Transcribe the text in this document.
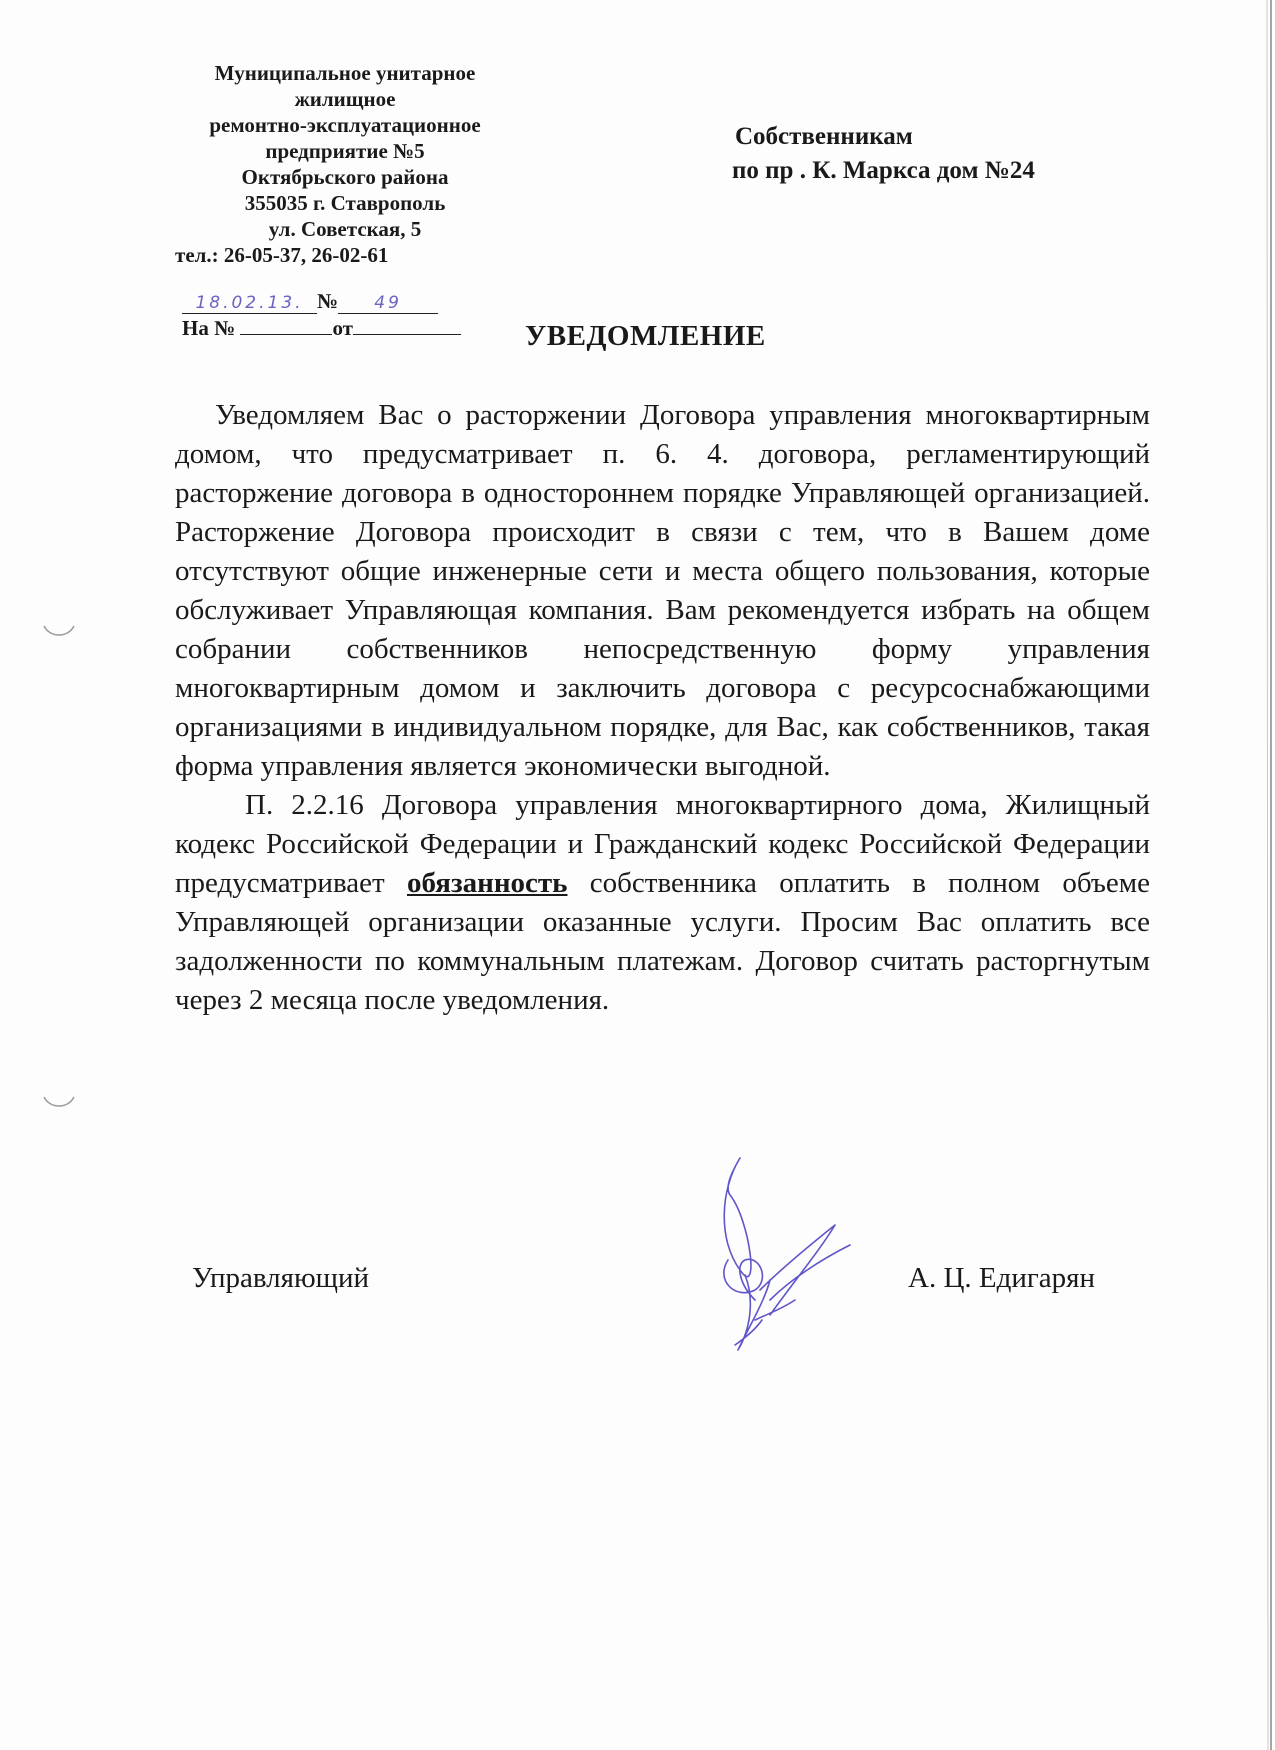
Муниципальное унитарное
жилищное
ремонтно-эксплуатационное
предприятие №5
Октябрьского района
355035 г. Ставрополь
ул. Советская, 5
тел.: 26-05-37, 26-02-61
18.02.13. № 49
На №	от
Собственникам
по пр . К. Маркса дом №24
УВЕДОМЛЕНИЕ

Уведомляем Вас о расторжении Договора управления многоквартирным домом, что предусматривает п. 6. 4. договора, регламентирующий расторжение договора в одностороннем порядке Управляющей организацией. Расторжение Договора происходит в связи с тем, что в Вашем доме отсутствуют общие инженерные сети и места общего пользования, которые обслуживает Управляющая компания. Вам рекомендуется избрать на общем собрании собственников непосредственную форму управления многоквартирным домом и заключить договора с ресурсоснабжающими организациями в индивидуальном порядке, для Вас, как собственников, такая форма управления является экономически выгодной.

П. 2.2.16 Договора управления многоквартирного дома, Жилищный кодекс Российской Федерации и Гражданский кодекс Российской Федерации предусматривает обязанность собственника оплатить в полном объеме Управляющей организации оказанные услуги. Просим Вас оплатить все задолженности по коммунальным платежам. Договор считать расторгнутым через 2 месяца после уведомления.

Управляющий	А. Ц. Едигарян
